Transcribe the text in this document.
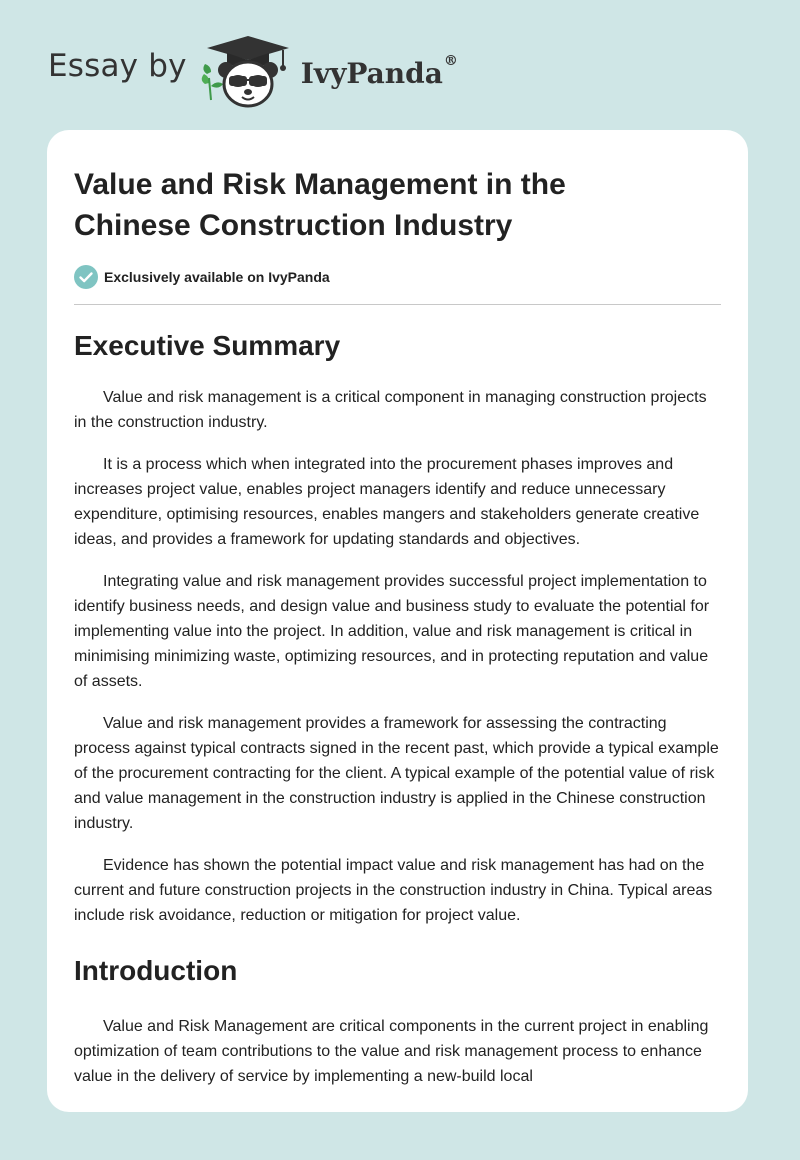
Essay by	IvyPanda®
Value and Risk Management in the
Chinese Construction Industry
Exclusively available on IvyPanda
Executive Summary

Value and risk management is a critical component in managing construction projects in the construction industry.

It is a process which when integrated into the procurement phases improves and increases project value, enables project managers identify and reduce unnecessary expenditure, optimising resources, enables mangers and stakeholders generate creative ideas, and provides a framework for updating standards and objectives.

Integrating value and risk management provides successful project implementation to identify business needs, and design value and business study to evaluate the potential for implementing value into the project. In addition, value and risk management is critical in minimising minimizing waste, optimizing resources, and in protecting reputation and value of assets.

Value and risk management provides a framework for assessing the contracting process against typical contracts signed in the recent past, which provide a typical example of the procurement contracting for the client. A typical example of the potential value of risk and value management in the construction industry is applied in the Chinese construction industry.

Evidence has shown the potential impact value and risk management has had on the current and future construction projects in the construction industry in China. Typical areas include risk avoidance, reduction or mitigation for project value.

Introduction

Value and Risk Management are critical components in the current project in enabling optimization of team contributions to the value and risk management process to enhance value in the delivery of service by implementing a new-build local
